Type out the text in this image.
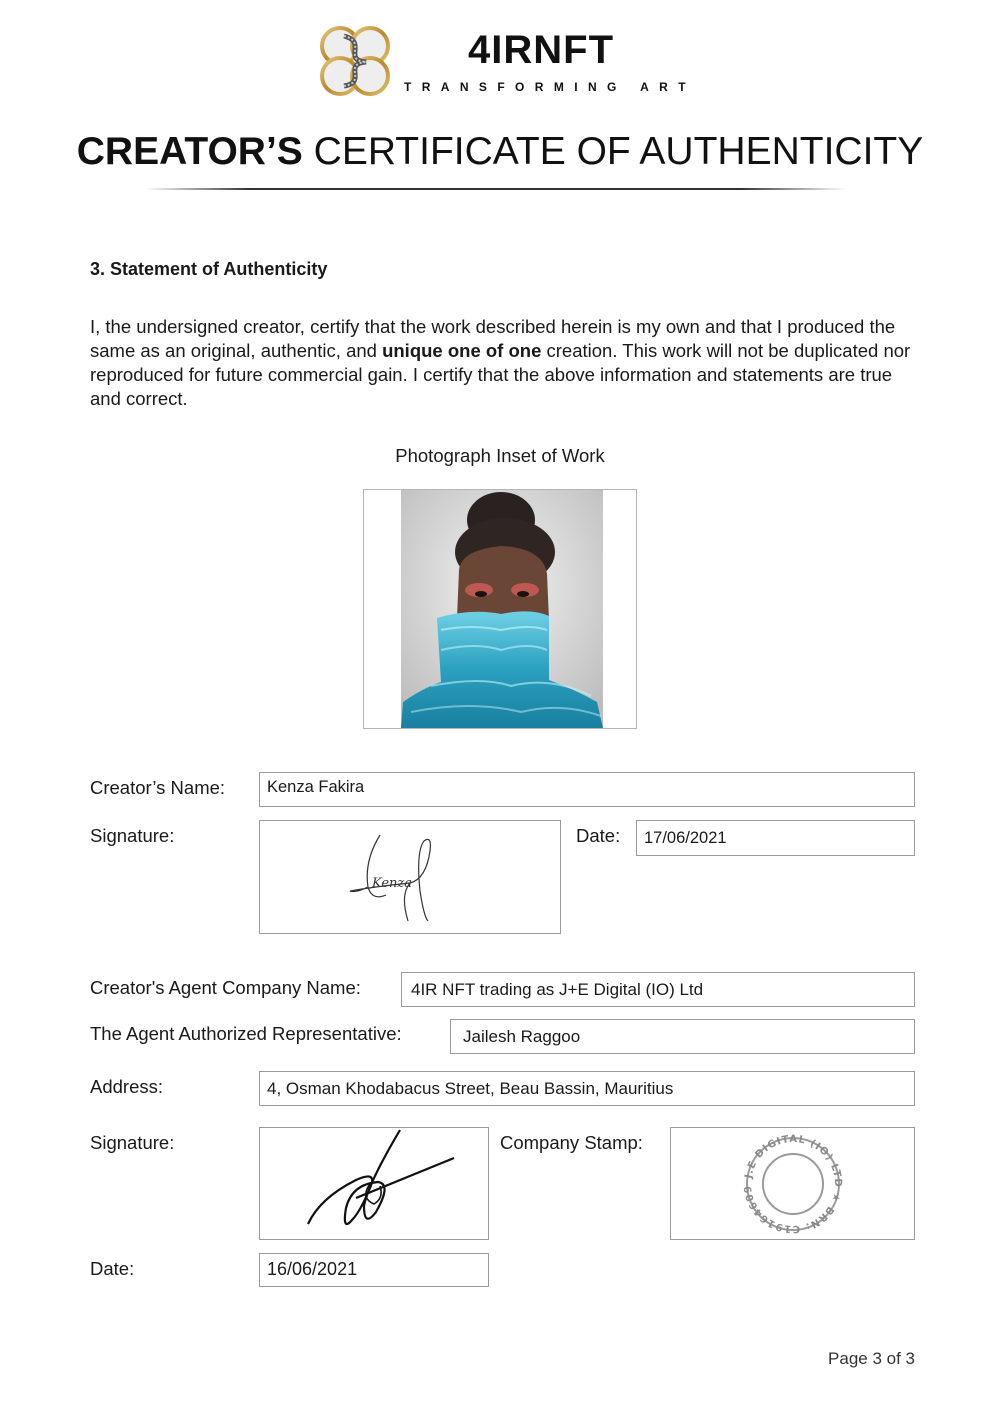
4IRNFT
TRANSFORMING ART
CREATOR’S CERTIFICATE OF AUTHENTICITY
3. Statement of Authenticity
I, the undersigned creator, certify that the work described herein is my own and that I produced the same as an original, authentic, and unique one of one creation. This work will not be duplicated nor reproduced for future commercial gain. I certify that the above information and statements are true and correct.
Photograph Inset of Work
Creator’s Name:	Kenza Fakira
Signature:
Kenza
Date:	17/06/2021
Creator's Agent Company Name:	4IR NFT trading as J+E Digital (IO) Ltd
The Agent Authorized Representative:	Jailesh Raggoo
Address:	4, Osman Khodabacus Street, Beau Bassin, Mauritius
Signature:	Company Stamp:
J.E DIGITAL (IO) LTD ★ BRN: C19164609
Date:	16/06/2021
Page 3 of 3
